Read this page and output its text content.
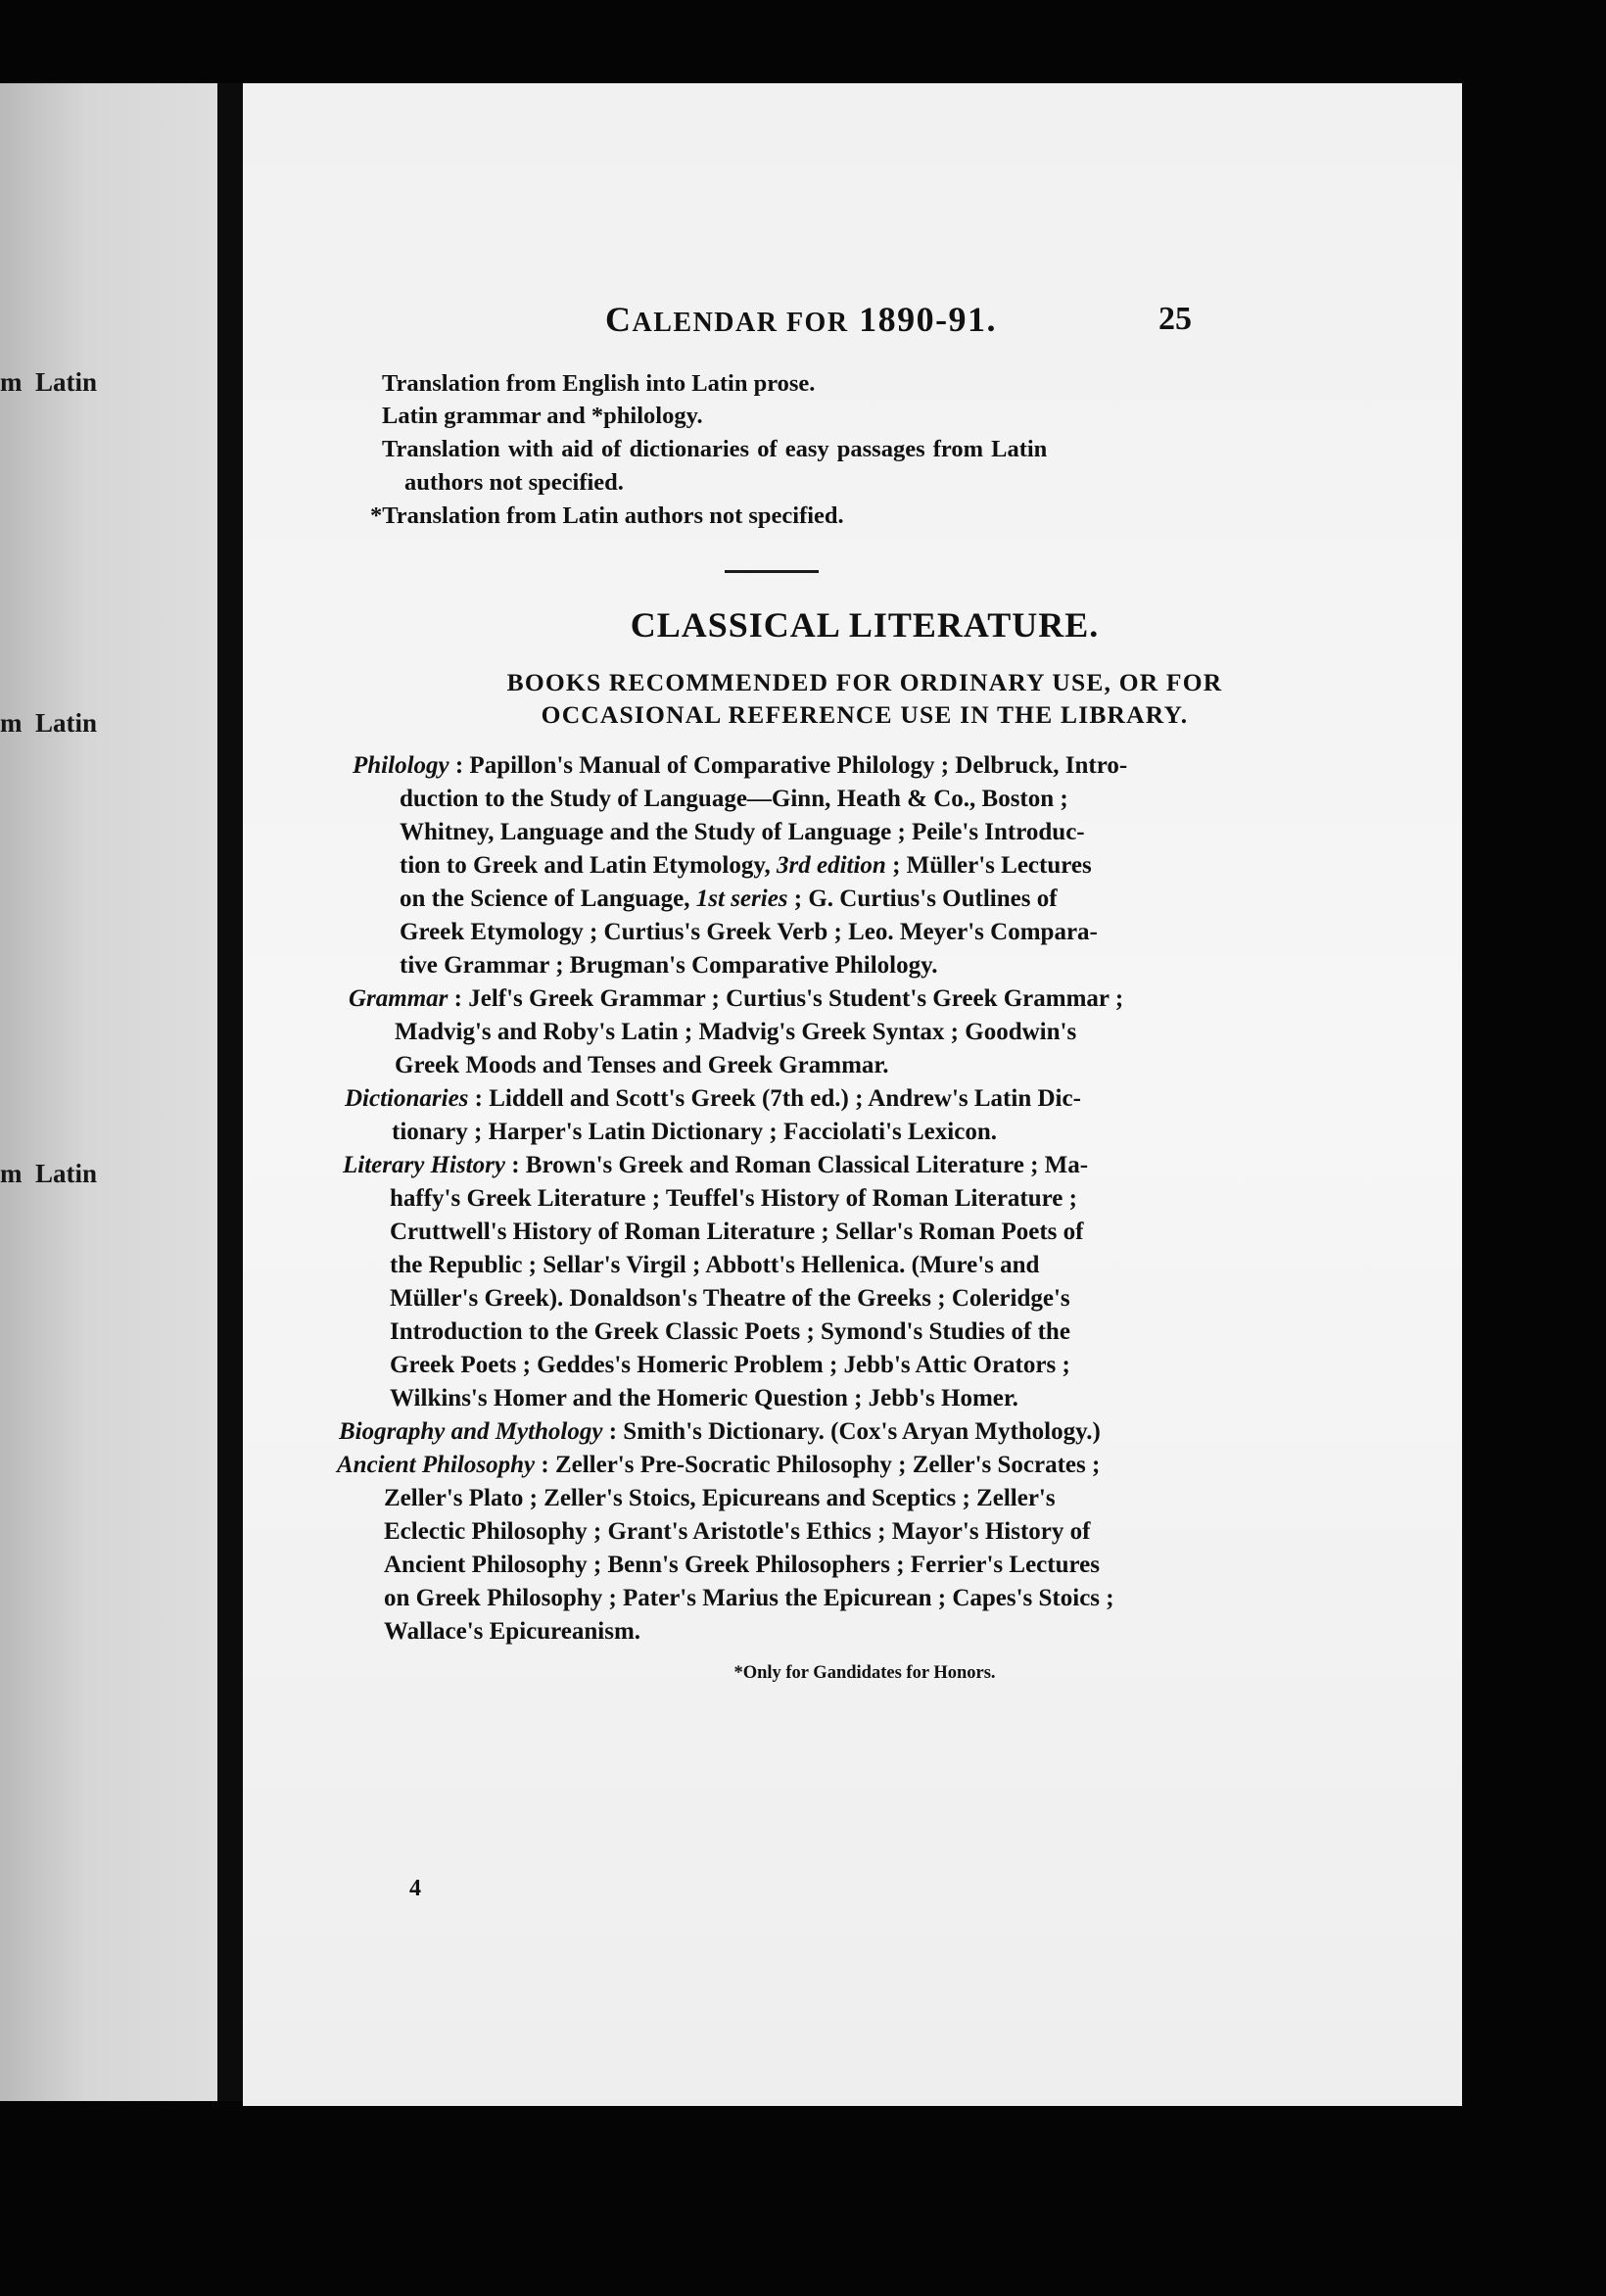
m  Latin
m  Latin
m  Latin
CALENDAR FOR 1890-91.	25
Translation from English into Latin prose.
Latin grammar and *philology.
Translation with aid of dictionaries of easy passages from Latin
authors not specified.
*Translation from Latin authors not specified.
CLASSICAL LITERATURE.
BOOKS RECOMMENDED FOR ORDINARY USE, OR FOR
OCCASIONAL REFERENCE USE IN THE LIBRARY.
Philology : Papillon's Manual of Comparative Philology ; Delbruck, Intro-
duction to the Study of Language—Ginn, Heath & Co., Boston ;
Whitney, Language and the Study of Language ; Peile's Introduc-
tion to Greek and Latin Etymology, 3rd edition ; Müller's Lectures
on the Science of Language, 1st series ; G. Curtius's Outlines of
Greek Etymology ; Curtius's Greek Verb ; Leo. Meyer's Compara-
tive Grammar ; Brugman's Comparative Philology.
Grammar : Jelf's Greek Grammar ; Curtius's Student's Greek Grammar ;
Madvig's and Roby's Latin ; Madvig's Greek Syntax ; Goodwin's
Greek Moods and Tenses and Greek Grammar.
Dictionaries : Liddell and Scott's Greek (7th ed.) ; Andrew's Latin Dic-
tionary ; Harper's Latin Dictionary ; Facciolati's Lexicon.
Literary History : Brown's Greek and Roman Classical Literature ; Ma-
haffy's Greek Literature ; Teuffel's History of Roman Literature ;
Cruttwell's History of Roman Literature ; Sellar's Roman Poets of
the Republic ; Sellar's Virgil ; Abbott's Hellenica. (Mure's and
Müller's Greek). Donaldson's Theatre of the Greeks ; Coleridge's
Introduction to the Greek Classic Poets ; Symond's Studies of the
Greek Poets ; Geddes's Homeric Problem ; Jebb's Attic Orators ;
Wilkins's Homer and the Homeric Question ; Jebb's Homer.
Biography and Mythology : Smith's Dictionary. (Cox's Aryan Mythology.)
Ancient Philosophy : Zeller's Pre-Socratic Philosophy ; Zeller's Socrates ;
Zeller's Plato ; Zeller's Stoics, Epicureans and Sceptics ; Zeller's
Eclectic Philosophy ; Grant's Aristotle's Ethics ; Mayor's History of
Ancient Philosophy ; Benn's Greek Philosophers ; Ferrier's Lectures
on Greek Philosophy ; Pater's Marius the Epicurean ; Capes's Stoics ;
Wallace's Epicureanism.
*Only for Gandidates for Honors.
4
